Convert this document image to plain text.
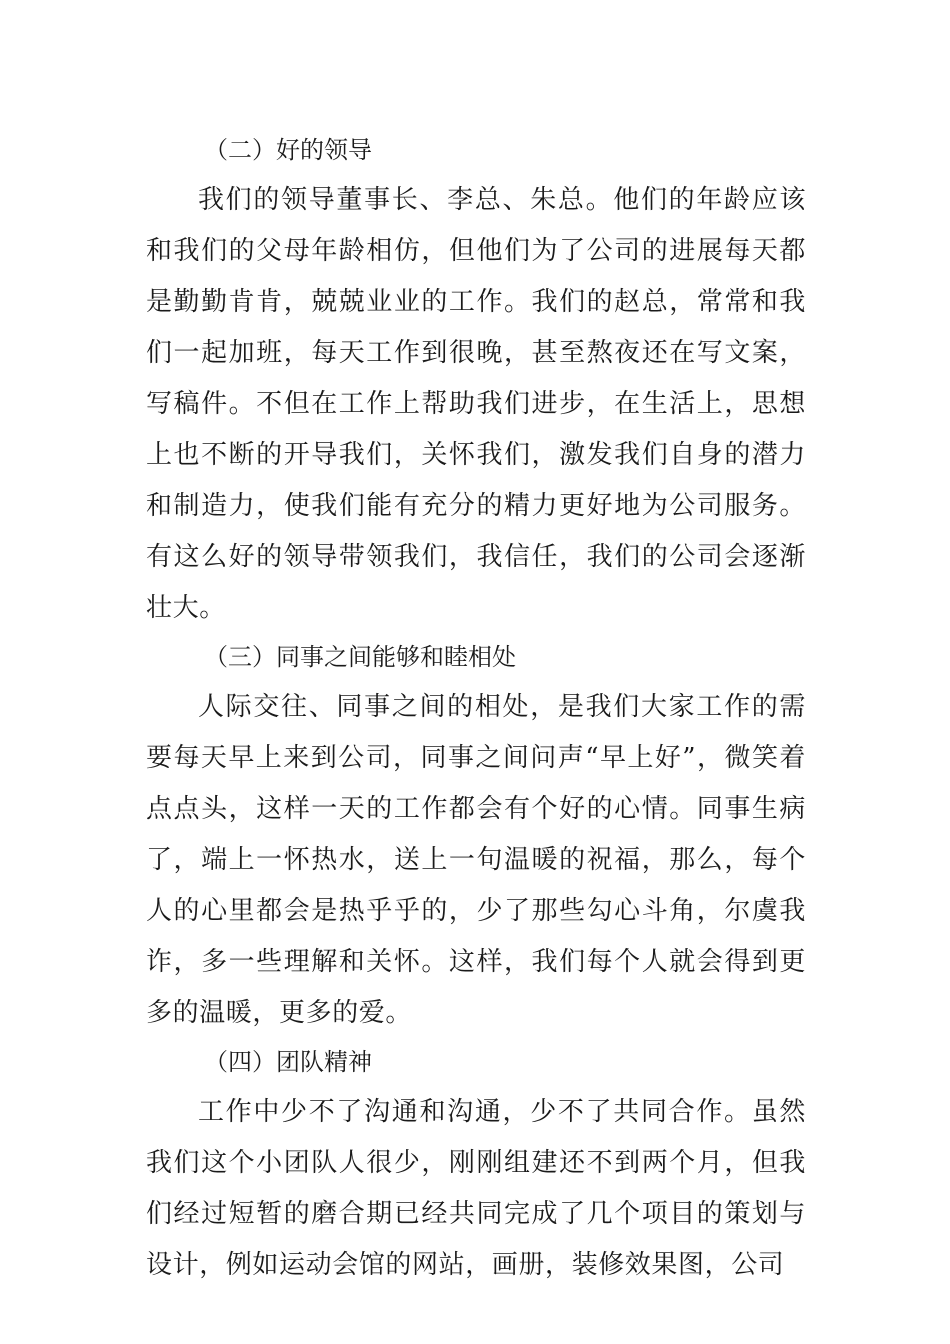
（二）好的领导

我们的领导董事长、李总、朱总。他们的年龄应该和我们的父母年龄相仿，但他们为了公司的进展每天都是勤勤肯肯，兢兢业业的工作。我们的赵总，常常和我们一起加班，每天工作到很晚，甚至熬夜还在写文案，写稿件。不但在工作上帮助我们进步，在生活上，思想上也不断的开导我们，关怀我们，激发我们自身的潜力和制造力，使我们能有充分的精力更好地为公司服务。有这么好的领导带领我们，我信任，我们的公司会逐渐壮大。

（三）同事之间能够和睦相处

人际交往、同事之间的相处，是我们大家工作的需要每天早上来到公司，同事之间问声“早上好”，微笑着点点头，这样一天的工作都会有个好的心情。同事生病了，端上一怀热水，送上一句温暖的祝福，那么，每个人的心里都会是热乎乎的，少了那些勾心斗角，尔虞我诈，多一些理解和关怀。这样，我们每个人就会得到更多的温暖，更多的爱。

（四）团队精神

工作中少不了沟通和沟通，少不了共同合作。虽然我们这个小团队人很少，刚刚组建还不到两个月，但我们经过短暂的磨合期已经共同完成了几个项目的策划与设计，例如运动会馆的网站，画册，装修效果图，公司
